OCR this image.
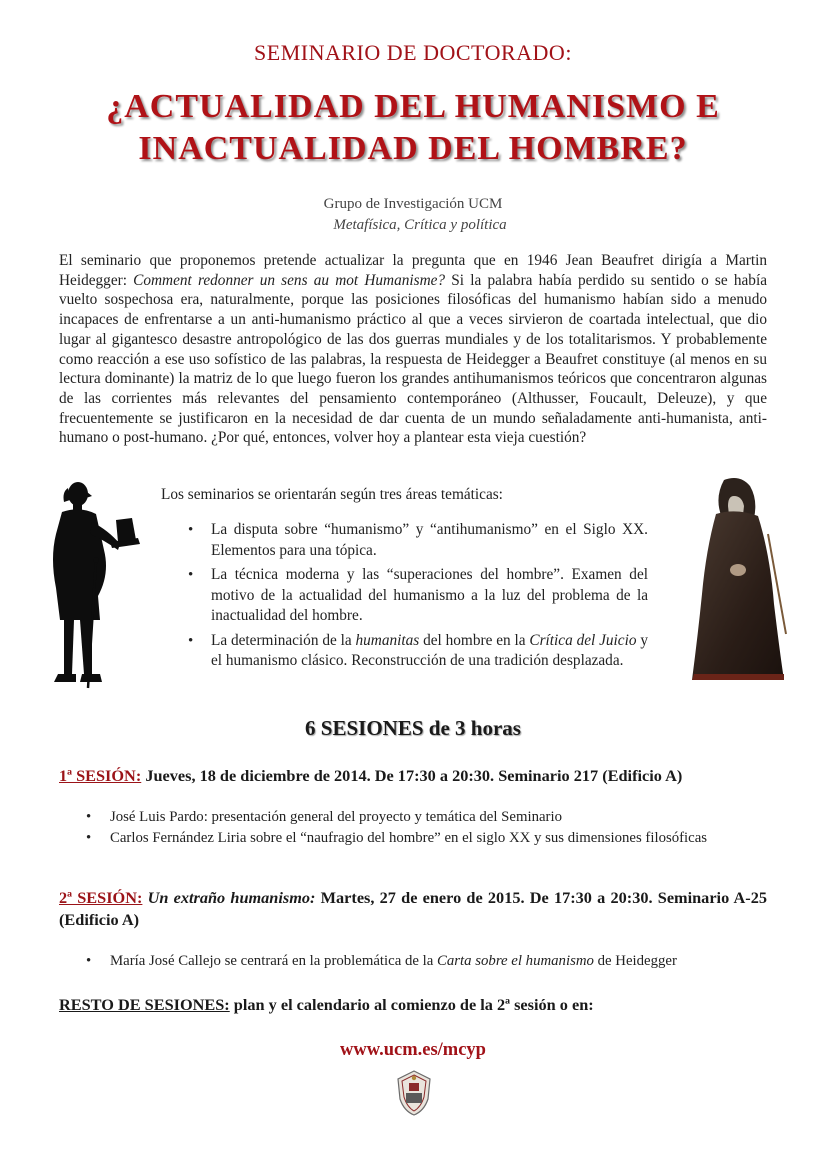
SEMINARIO DE DOCTORADO:
¿ACTUALIDAD DEL HUMANISMO E
INACTUALIDAD DEL HOMBRE?
Grupo de Investigación UCM
Metafísica, Crítica y política

El seminario que proponemos pretende actualizar la pregunta que en 1946 Jean Beaufret dirigía a Martin Heidegger: Comment redonner un sens au mot Humanisme? Si la palabra había perdido su sentido o se había vuelto sospechosa era, naturalmente, porque las posiciones filosóficas del humanismo habían sido a menudo incapaces de enfrentarse a un anti-humanismo práctico al que a veces sirvieron de coartada intelectual, que dio lugar al gigantesco desastre antropológico de las dos guerras mundiales y de los totalitarismos. Y probablemente como reacción a ese uso sofístico de las palabras, la respuesta de Heidegger a Beaufret constituye (al menos en su lectura dominante) la matriz de lo que luego fueron los grandes antihumanismos teóricos que concentraron algunas de las corrientes más relevantes del pensamiento contemporáneo (Althusser, Foucault, Deleuze), y que frecuentemente se justificaron en la necesidad de dar cuenta de un mundo señaladamente anti-humanista, anti-humano o post-humano. ¿Por qué, entonces, volver hoy a plantear esta vieja cuestión?

Los seminarios se orientarán según tres áreas temáticas:
• La disputa sobre “humanismo” y “antihumanismo” en el Siglo XX. Elementos para una tópica.
• La técnica moderna y las “superaciones del hombre”. Examen del motivo de la actualidad del humanismo a la luz del problema de la inactualidad del hombre.
• La determinación de la humanitas del hombre en la Crítica del Juicio y el humanismo clásico. Reconstrucción de una tradición desplazada.
6 SESIONES de 3 horas
1ª SESIÓN: Jueves, 18 de diciembre de 2014. De 17:30 a 20:30. Seminario 217 (Edificio A)
• José Luis Pardo: presentación general del proyecto y temática del Seminario
• Carlos Fernández Liria sobre el “naufragio del hombre” en el siglo XX y sus dimensiones filosóficas
2ª SESIÓN: Un extraño humanismo: Martes, 27 de enero de 2015. De 17:30 a 20:30. Seminario A-25 (Edificio A)
• María José Callejo se centrará en la problemática de la Carta sobre el humanismo de Heidegger
RESTO DE SESIONES: plan y el calendario al comienzo de la 2ª sesión o en:
www.ucm.es/mcyp
